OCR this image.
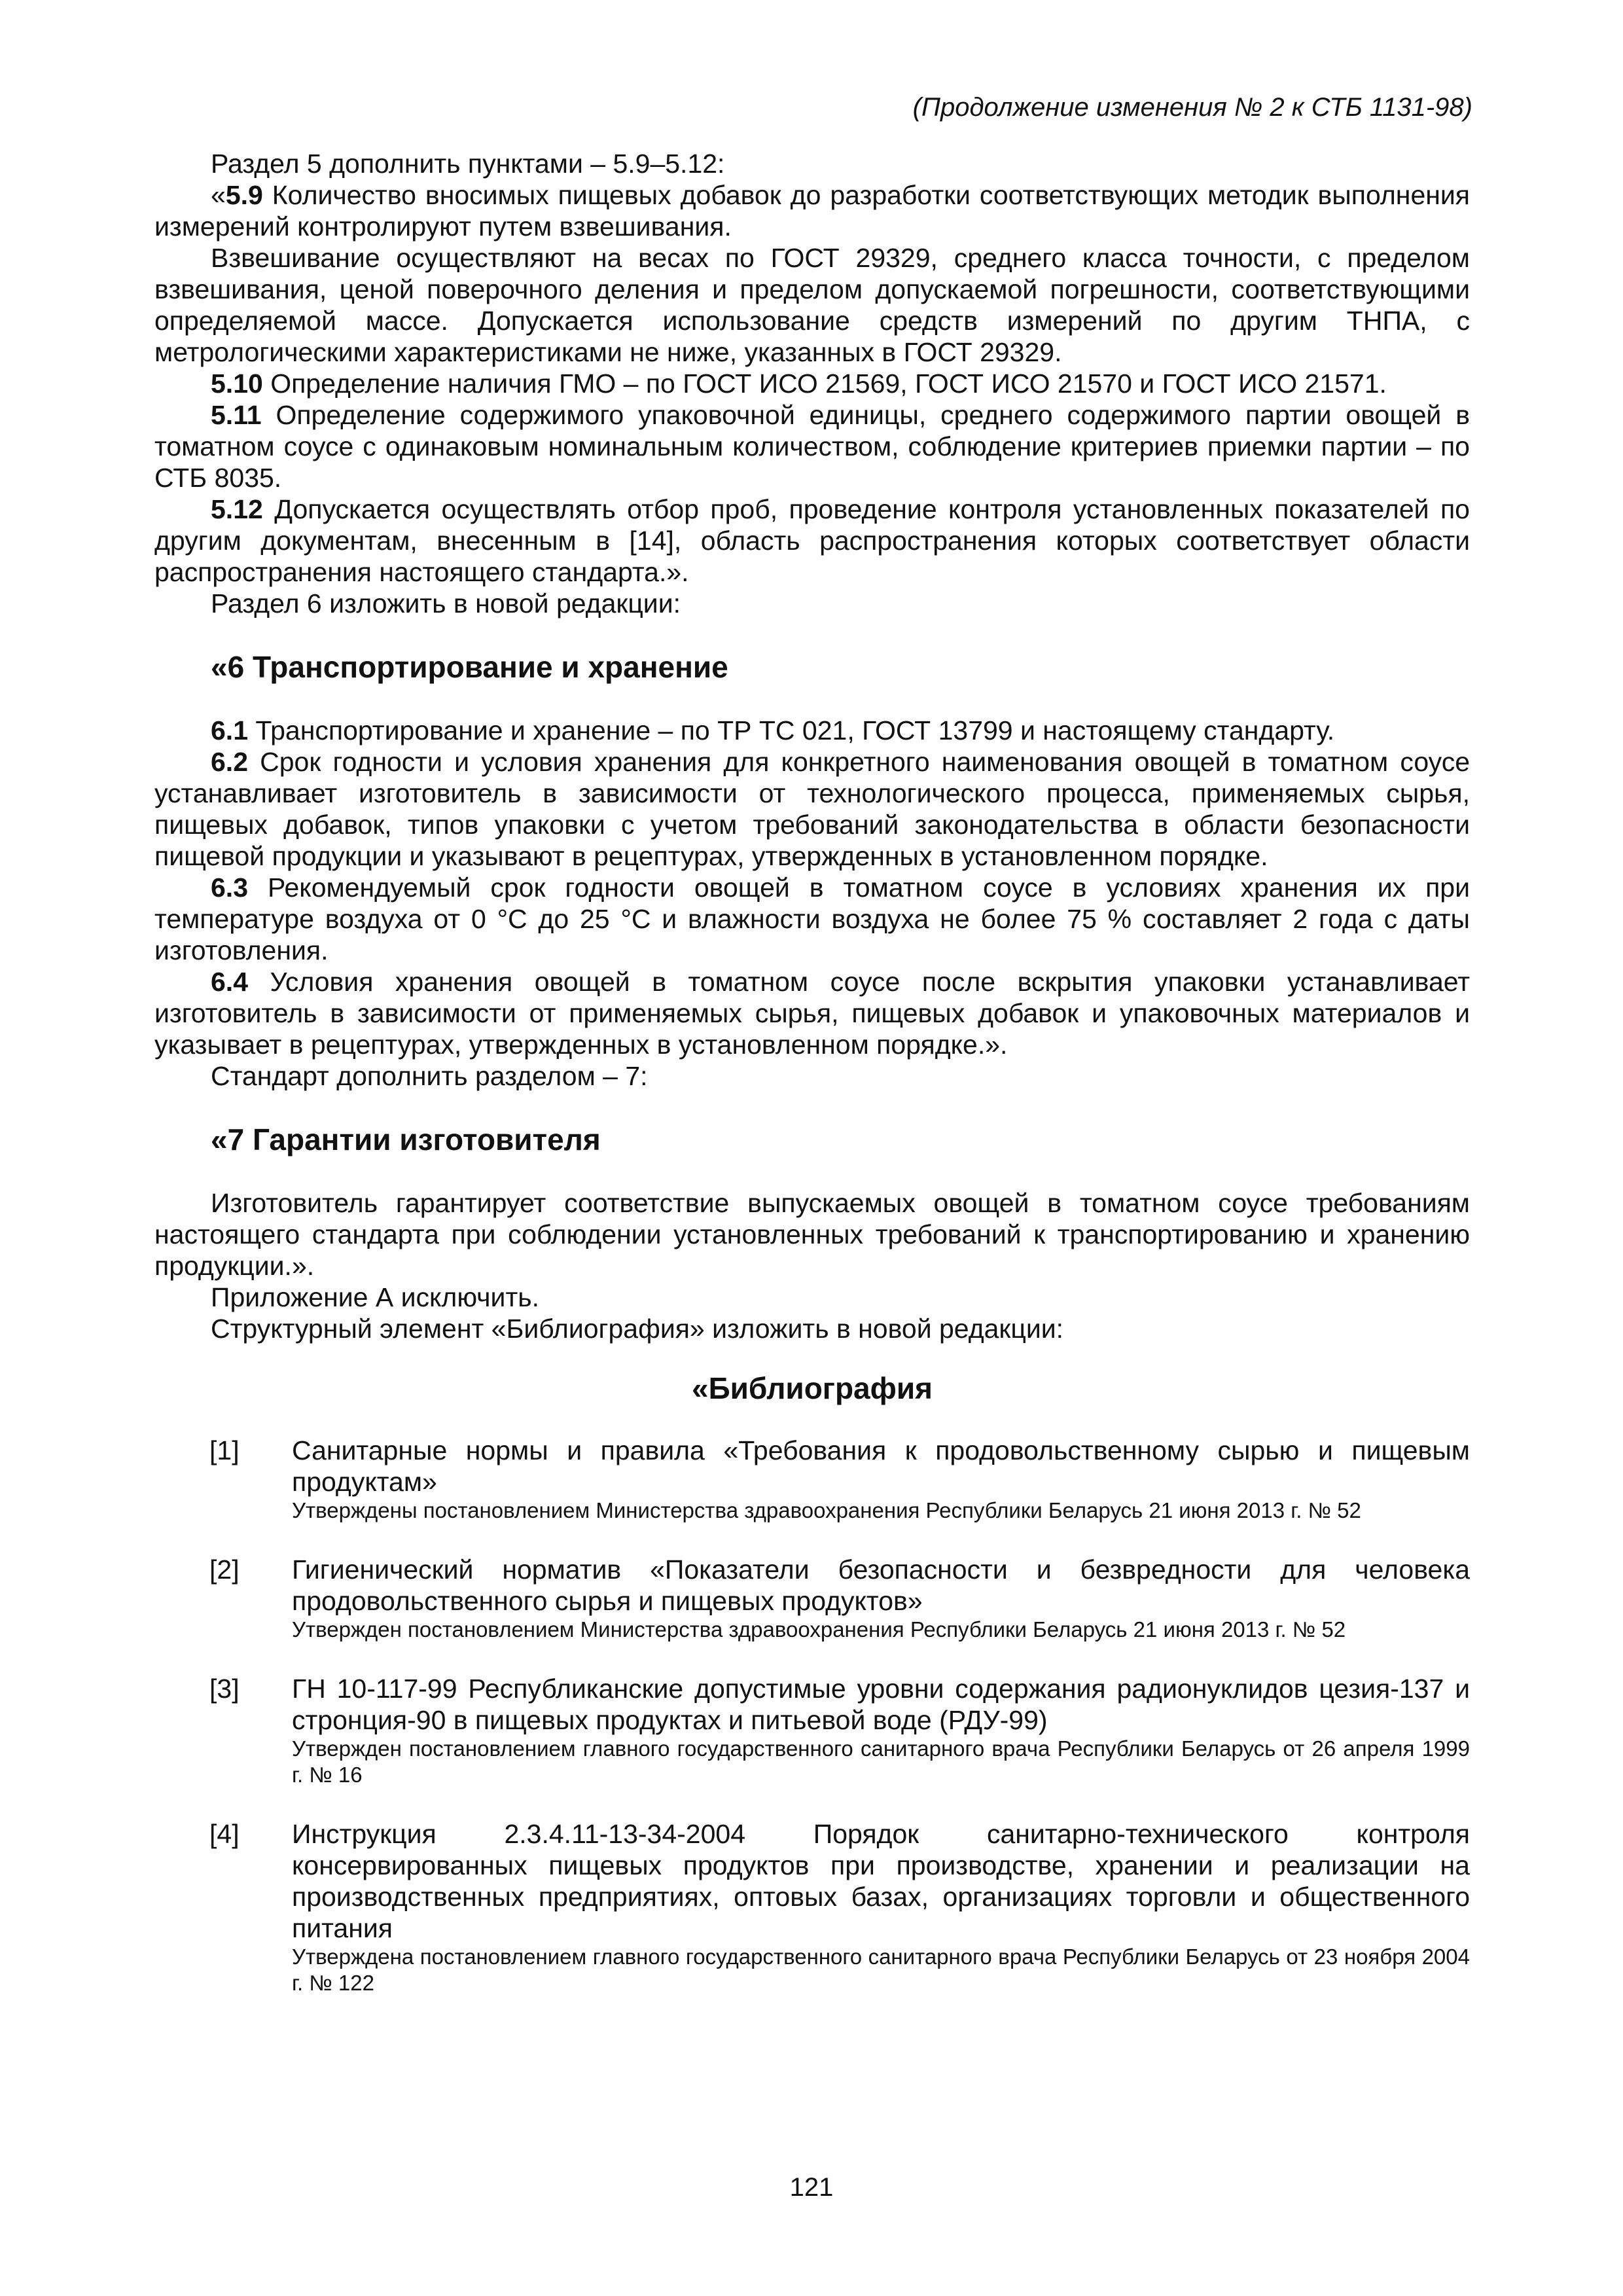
(Продолжение изменения № 2 к СТБ 1131-98)

Раздел 5 дополнить пунктами – 5.9–5.12:

«5.9 Количество вносимых пищевых добавок до разработки соответствующих методик выполнения измерений контролируют путем взвешивания.

Взвешивание осуществляют на весах по ГОСТ 29329, среднего класса точности, с пределом взвешивания, ценой поверочного деления и пределом допускаемой погрешности, соответствующими определяемой массе. Допускается использование средств измерений по другим ТНПА, с метрологическими характеристиками не ниже, указанных в ГОСТ 29329.

5.10 Определение наличия ГМО – по ГОСТ ИСО 21569, ГОСТ ИСО 21570 и ГОСТ ИСО 21571.

5.11 Определение содержимого упаковочной единицы, среднего содержимого партии овощей в томатном соусе с одинаковым номинальным количеством, соблюдение критериев приемки партии – по СТБ 8035.

5.12 Допускается осуществлять отбор проб, проведение контроля установленных показателей по другим документам, внесенным в [14], область распространения которых соответствует области распространения настоящего стандарта.».

Раздел 6 изложить в новой редакции:

«6 Транспортирование и хранение

6.1 Транспортирование и хранение – по ТР ТС 021, ГОСТ 13799 и настоящему стандарту.

6.2 Срок годности и условия хранения для конкретного наименования овощей в томатном соусе устанавливает изготовитель в зависимости от технологического процесса, применяемых сырья, пищевых добавок, типов упаковки с учетом требований законодательства в области безопасности пищевой продукции и указывают в рецептурах, утвержденных в установленном порядке.

6.3 Рекомендуемый срок годности овощей в томатном соусе в условиях хранения их при температуре воздуха от 0 °С до 25 °С и влажности воздуха не более 75 % составляет 2 года с даты изготовления.

6.4 Условия хранения овощей в томатном соусе после вскрытия упаковки устанавливает изготовитель в зависимости от применяемых сырья, пищевых добавок и упаковочных материалов и указывает в рецептурах, утвержденных в установленном порядке.».

Стандарт дополнить разделом – 7:

«7 Гарантии изготовителя

Изготовитель гарантирует соответствие выпускаемых овощей в томатном соусе требованиям настоящего стандарта при соблюдении установленных требований к транспортированию и хранению продукции.».

Приложение А исключить.

Структурный элемент «Библиография» изложить в новой редакции:

«Библиография
[1]	Санитарные нормы и правила «Требования к продовольственному сырью и пищевым продуктам»
Утверждены постановлением Министерства здравоохранения Республики Беларусь 21 июня 2013 г. № 52
[2]	Гигиенический норматив «Показатели безопасности и безвредности для человека продовольственного сырья и пищевых продуктов»
Утвержден постановлением Министерства здравоохранения Республики Беларусь 21 июня 2013 г. № 52
[3]	ГН 10-117-99 Республиканские допустимые уровни содержания радионуклидов цезия-137 и стронция-90 в пищевых продуктах и питьевой воде (РДУ-99)
Утвержден постановлением главного государственного санитарного врача Республики Беларусь от 26 апреля 1999 г. № 16
[4]	Инструкция 2.3.4.11-13-34-2004 Порядок санитарно-технического контроля консервированных пищевых продуктов при производстве, хранении и реализации на производственных предприятиях, оптовых базах, организациях торговли и общественного питания
Утверждена постановлением главного государственного санитарного врача Республики Беларусь от 23 ноября 2004 г. № 122
121
